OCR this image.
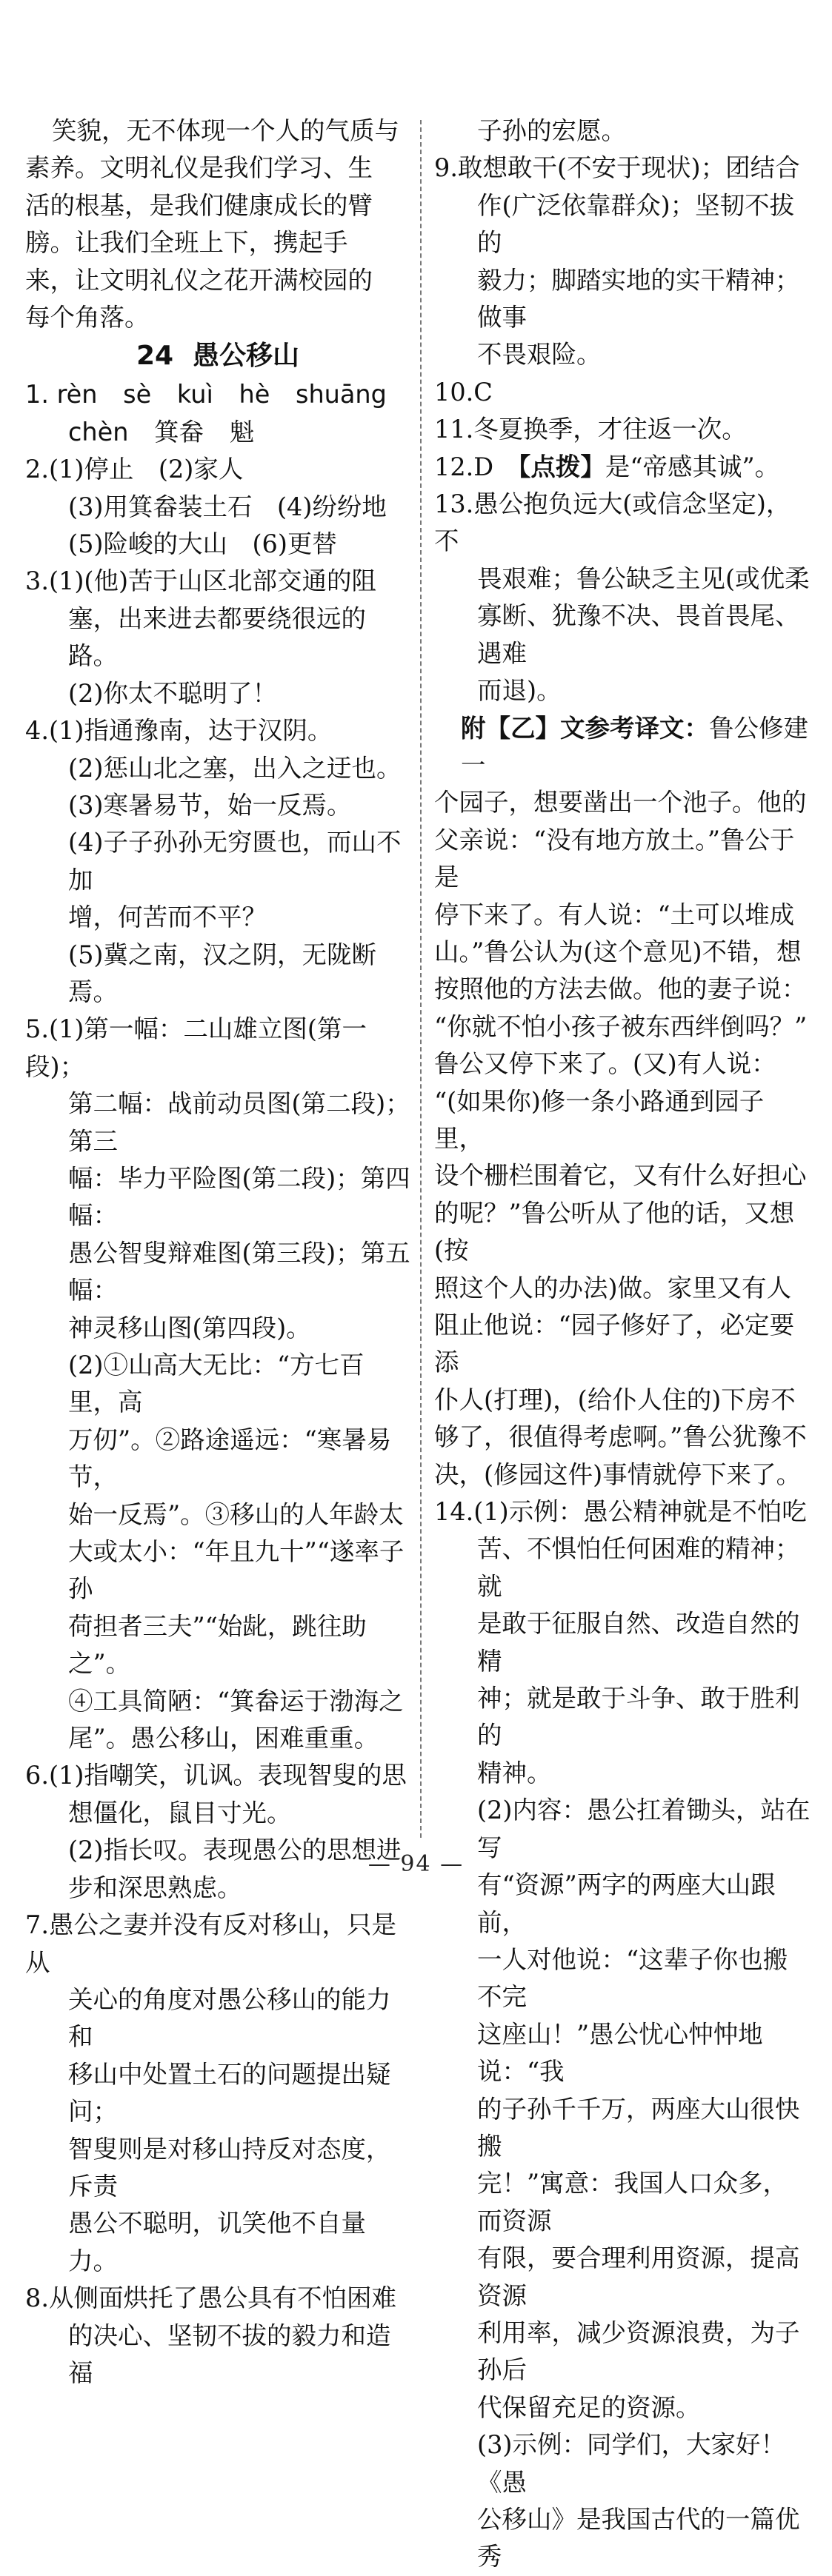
笑貌，无不体现一个人的气质与

素养。文明礼仪是我们学习、生

活的根基，是我们健康成长的臂

膀。让我们全班上下，携起手

来，让文明礼仪之花开满校园的

每个角落。

24 愚公移山

1. rèn sè kuì hè shuāng

chèn 箕畚 魁

2.(1)停止　(2)家人

(3)用箕畚装土石　(4)纷纷地

(5)险峻的大山　(6)更替

3.(1)(他)苦于山区北部交通的阻

塞，出来进去都要绕很远的路。

(2)你太不聪明了！

4.(1)指通豫南，达于汉阴。

(2)惩山北之塞，出入之迂也。

(3)寒暑易节，始一反焉。

(4)子子孙孙无穷匮也，而山不加

增，何苦而不平？

(5)冀之南，汉之阴，无陇断焉。

5.(1)第一幅：二山雄立图(第一段)；

第二幅：战前动员图(第二段)；第三

幅：毕力平险图(第二段)；第四幅：

愚公智叟辩难图(第三段)；第五幅：

神灵移山图(第四段)。

(2)①山高大无比：“方七百里，高

万仞”。②路途遥远：“寒暑易节，

始一反焉”。③移山的人年龄太

大或太小：“年且九十”“遂率子孙

荷担者三夫”“始龀，跳往助之”。

④工具简陋：“箕畚运于渤海之

尾”。愚公移山，困难重重。

6.(1)指嘲笑，讥讽。表现智叟的思

想僵化，鼠目寸光。

(2)指长叹。表现愚公的思想进

步和深思熟虑。

7.愚公之妻并没有反对移山，只是从

关心的角度对愚公移山的能力和

移山中处置土石的问题提出疑问；

智叟则是对移山持反对态度，斥责

愚公不聪明，讥笑他不自量力。

8.从侧面烘托了愚公具有不怕困难

的决心、坚韧不拔的毅力和造福

子孙的宏愿。

9.敢想敢干(不安于现状)；团结合

作(广泛依靠群众)；坚韧不拔的

毅力；脚踏实地的实干精神；做事

不畏艰险。

10.C

11.冬夏换季，才往返一次。

12.D　【点拨】是“帝感其诚”。

13.愚公抱负远大(或信念坚定)，不

畏艰难；鲁公缺乏主见(或优柔

寡断、犹豫不决、畏首畏尾、遇难

而退)。

附【乙】文参考译文：鲁公修建一

个园子，想要凿出一个池子。他的

父亲说：“没有地方放土。”鲁公于是

停下来了。有人说：“土可以堆成

山。”鲁公认为(这个意见)不错，想

按照他的方法去做。他的妻子说：

“你就不怕小孩子被东西绊倒吗？”

鲁公又停下来了。(又)有人说：

“(如果你)修一条小路通到园子里，

设个栅栏围着它，又有什么好担心

的呢？”鲁公听从了他的话，又想(按

照这个人的办法)做。家里又有人

阻止他说：“园子修好了，必定要添

仆人(打理)，(给仆人住的)下房不

够了，很值得考虑啊。”鲁公犹豫不

决，(修园这件)事情就停下来了。

14.(1)示例：愚公精神就是不怕吃

苦、不惧怕任何困难的精神；就

是敢于征服自然、改造自然的精

神；就是敢于斗争、敢于胜利的

精神。

(2)内容：愚公扛着锄头，站在写

有“资源”两字的两座大山跟前，

一人对他说：“这辈子你也搬不完

这座山！”愚公忧心忡忡地说：“我

的子孙千千万，两座大山很快搬

完！”寓意：我国人口众多，而资源

有限，要合理利用资源，提高资源

利用率，减少资源浪费，为子孙后

代保留充足的资源。

(3)示例：同学们，大家好！《愚

公移山》是我国古代的一篇优秀

— 94 —
